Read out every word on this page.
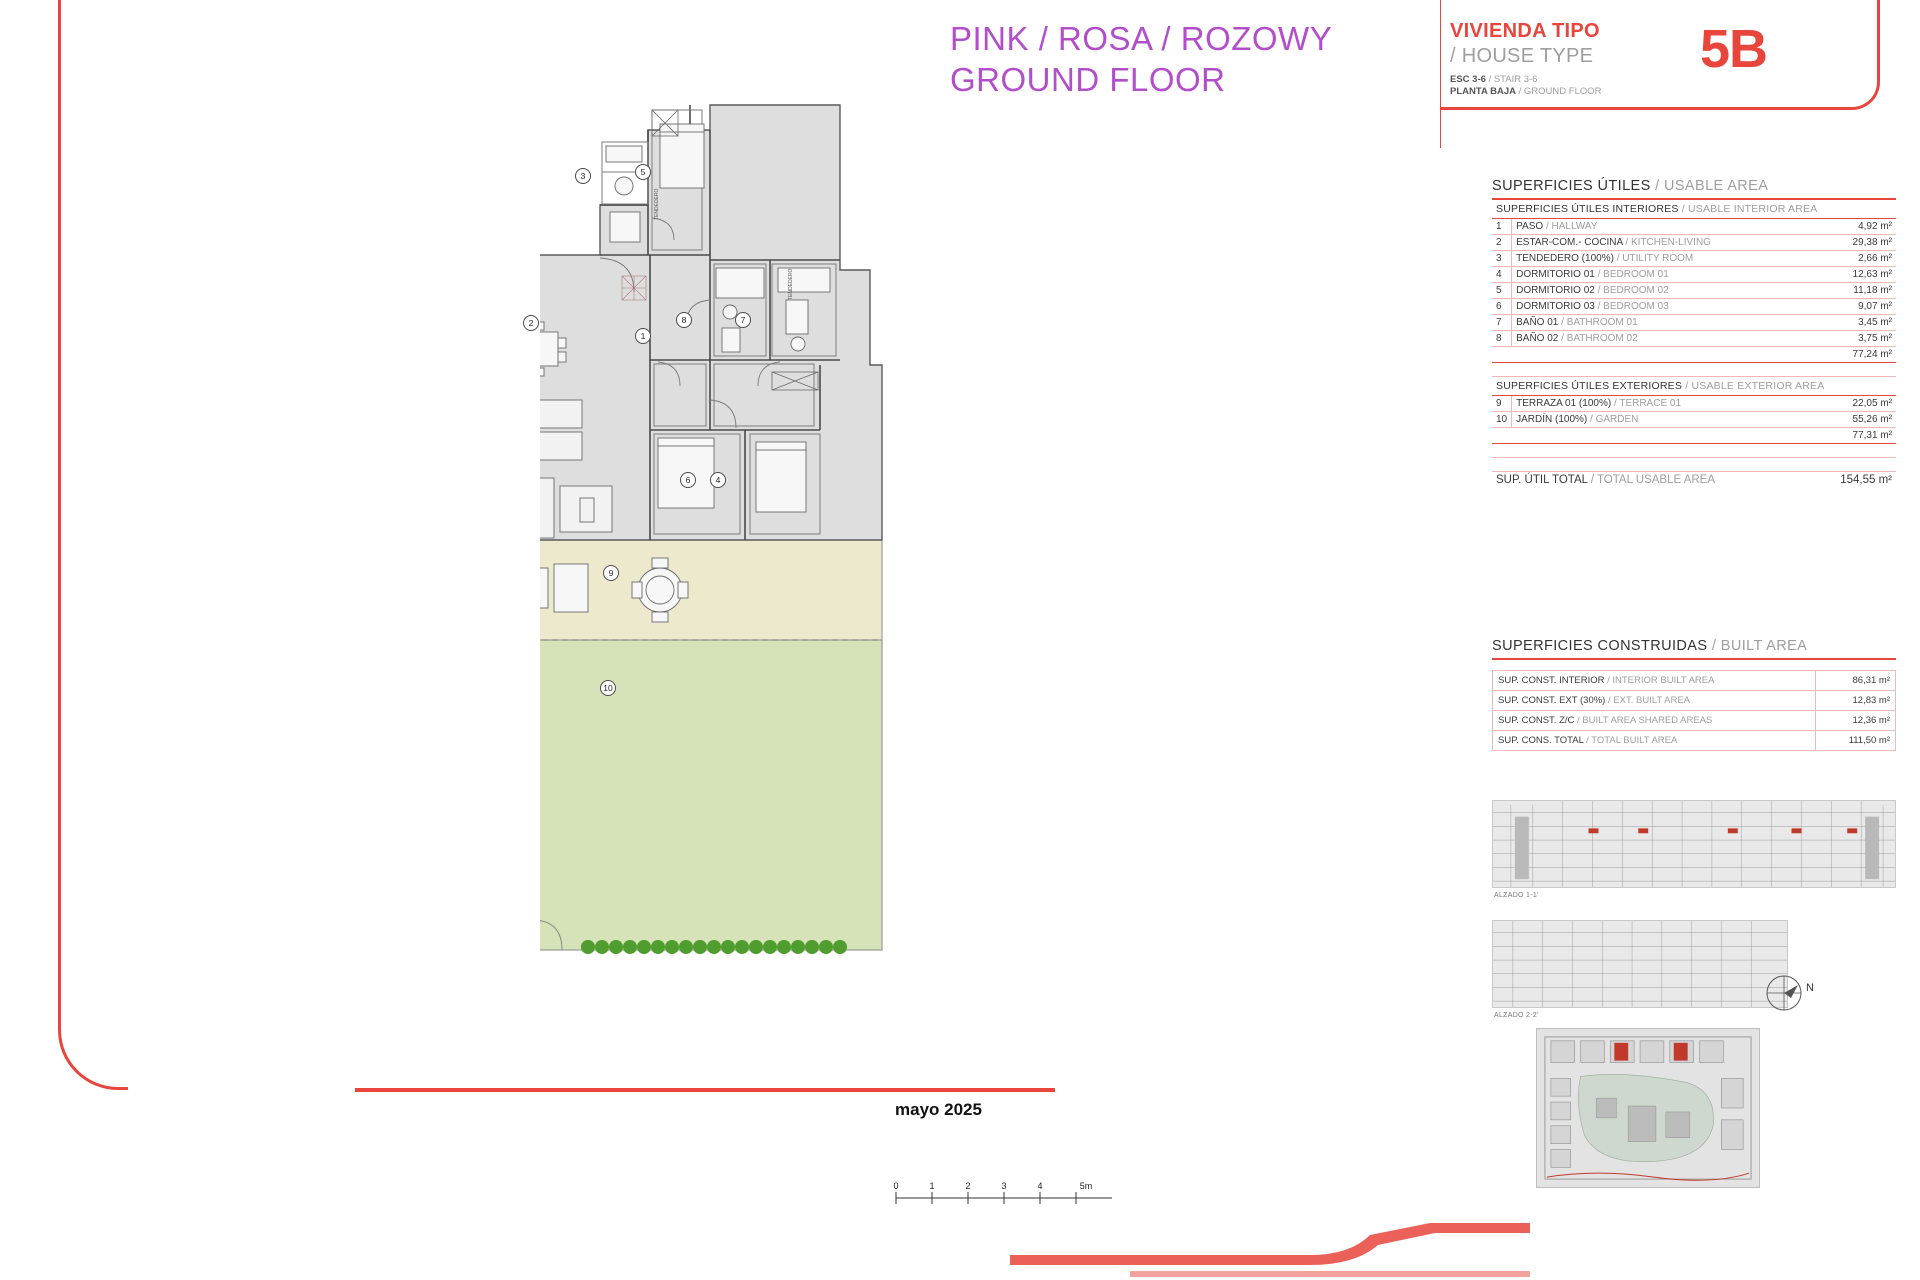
PINK / ROSA / ROZOWY
GROUND FLOOR
VIVIENDA TIPO
/ HOUSE TYPE
ESC 3-6 / STAIR 3-6
PLANTA BAJA / GROUND FLOOR
5B
SUPERFICIES ÚTILES / USABLE AREA
SUPERFICIES ÚTILES INTERIORES / USABLE INTERIOR AREA		
1	PASO / HALLWAY	4,92 m²
2	ESTAR-COM.- COCINA / KITCHEN-LIVING	29,38 m²
3	TENDEDERO (100%) / UTILITY ROOM	2,66 m²
4	DORMITORIO 01 / BEDROOM 01	12,63 m²
5	DORMITORIO 02 / BEDROOM 02	11,18 m²
6	DORMITORIO 03 / BEDROOM 03	9,07 m²
7	BAÑO 01 / BATHROOM 01	3,45 m²
8	BAÑO 02 / BATHROOM 02	3,75 m²
77,24 m²		

SUPERFICIES ÚTILES EXTERIORES / USABLE EXTERIOR AREA		
9	TERRAZA 01 (100%) / TERRACE 01	22,05 m²
10	JARDÍN (100%) / GARDEN	55,26 m²
77,31 m²		

SUP. ÚTIL TOTAL / TOTAL USABLE AREA		154,55 m²
SUPERFICIES CONSTRUIDAS / BUILT AREA
SUP. CONST. INTERIOR / INTERIOR BUILT AREA	86,31 m²
SUP. CONST. EXT (30%) / EXT. BUILT AREA	12,83 m²
SUP. CONST. Z/C / BUILT AREA SHARED AREAS	12,36 m²
SUP. CONS. TOTAL / TOTAL BUILT AREA	111,50 m²
ALZADO 1-1'
ALZADO 2-2'
N
TENDEDERO
TENDEDERO
1
2
3
4
5
6
7
8
9
10
mayo 2025
0	1	2	3	4	5m
